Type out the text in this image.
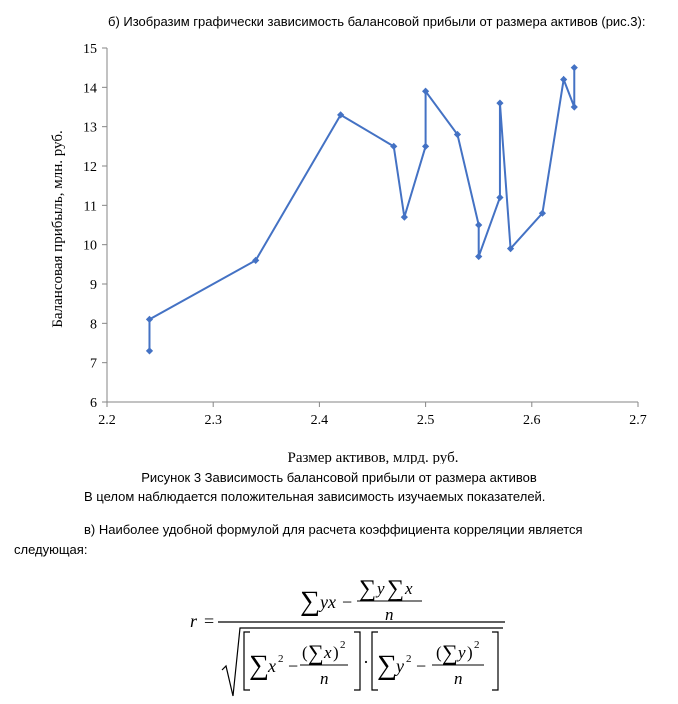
б) Изобразим графически зависимость балансовой прибыли от размера активов (рис.3):
2.2	2.3	2.4	2.5	2.6	2.7
6
7
8
9
10
11
12
13
14
15
Размер активов, млрд. руб.
Балансовая прибыль, млн. руб.
Рисунок 3 Зависимость балансовой прибыли от размера активов
В целом наблюдается положительная зависимость изучаемых показателей.
в) Наиболее удобной формулой для расчета коэффициента корреляции является
следующая:
r =
∑ yx − ∑ y ∑ x
n
∑ x 2 −
( ∑ x ) 2
n
· ∑ y 2 −
( ∑ y ) 2
n
